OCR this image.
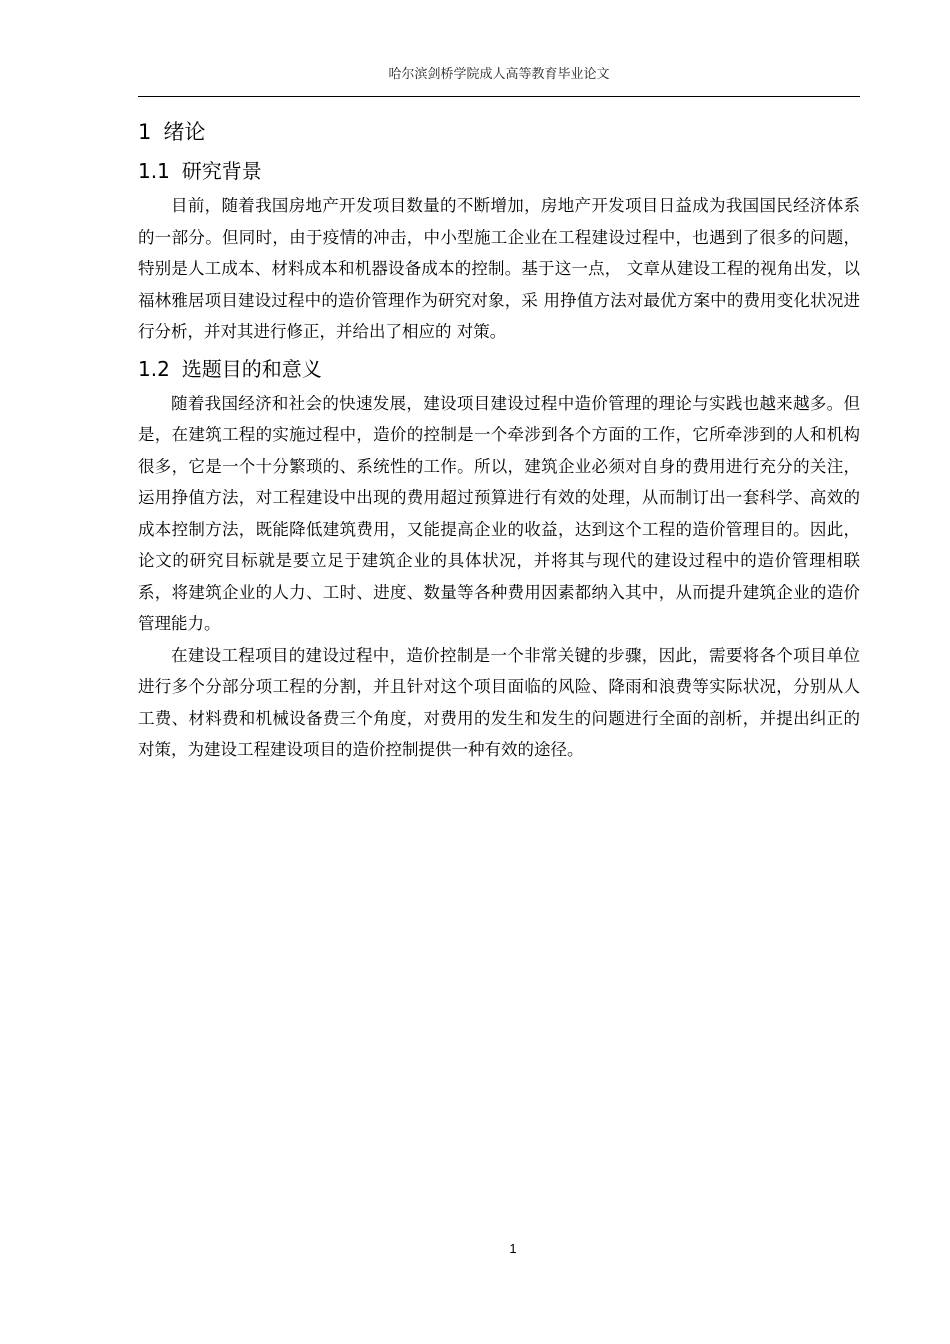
哈尔滨剑桥学院成人高等教育毕业论文
1 绪论
1.1 研究背景

目前，随着我国房地产开发项目数量的不断增加，房地产开发项目日益成为我国国民经济体系的一部分。但同时，由于疫情的冲击，中小型施工企业在工程建设过程中，也遇到了很多的问题，特别是人工成本、材料成本和机器设备成本的控制。基于这一点， 文章从建设工程的视角出发，以福林雅居项目建设过程中的造价管理作为研究对象，采 用挣值方法对最优方案中的费用变化状况进行分析，并对其进行修正，并给出了相应的 对策。

1.2 选题目的和意义

随着我国经济和社会的快速发展，建设项目建设过程中造价管理的理论与实践也越来越多。但是，在建筑工程的实施过程中，造价的控制是一个牵涉到各个方面的工作，它所牵涉到的人和机构很多，它是一个十分繁琐的、系统性的工作。所以，建筑企业必须对自身的费用进行充分的关注，运用挣值方法，对工程建设中出现的费用超过预算进行有效的处理，从而制订出一套科学、高效的成本控制方法，既能降低建筑费用，又能提高企业的收益，达到这个工程的造价管理目的。因此，论文的研究目标就是要立足于建筑企业的具体状况，并将其与现代的建设过程中的造价管理相联系，将建筑企业的人力、工时、进度、数量等各种费用因素都纳入其中，从而提升建筑企业的造价管理能力。

在建设工程项目的建设过程中，造价控制是一个非常关键的步骤，因此，需要将各个项目单位进行多个分部分项工程的分割，并且针对这个项目面临的风险、降雨和浪费等实际状况，分别从人工费、材料费和机械设备费三个角度，对费用的发生和发生的问题进行全面的剖析，并提出纠正的对策，为建设工程建设项目的造价控制提供一种有效的途径。

1
